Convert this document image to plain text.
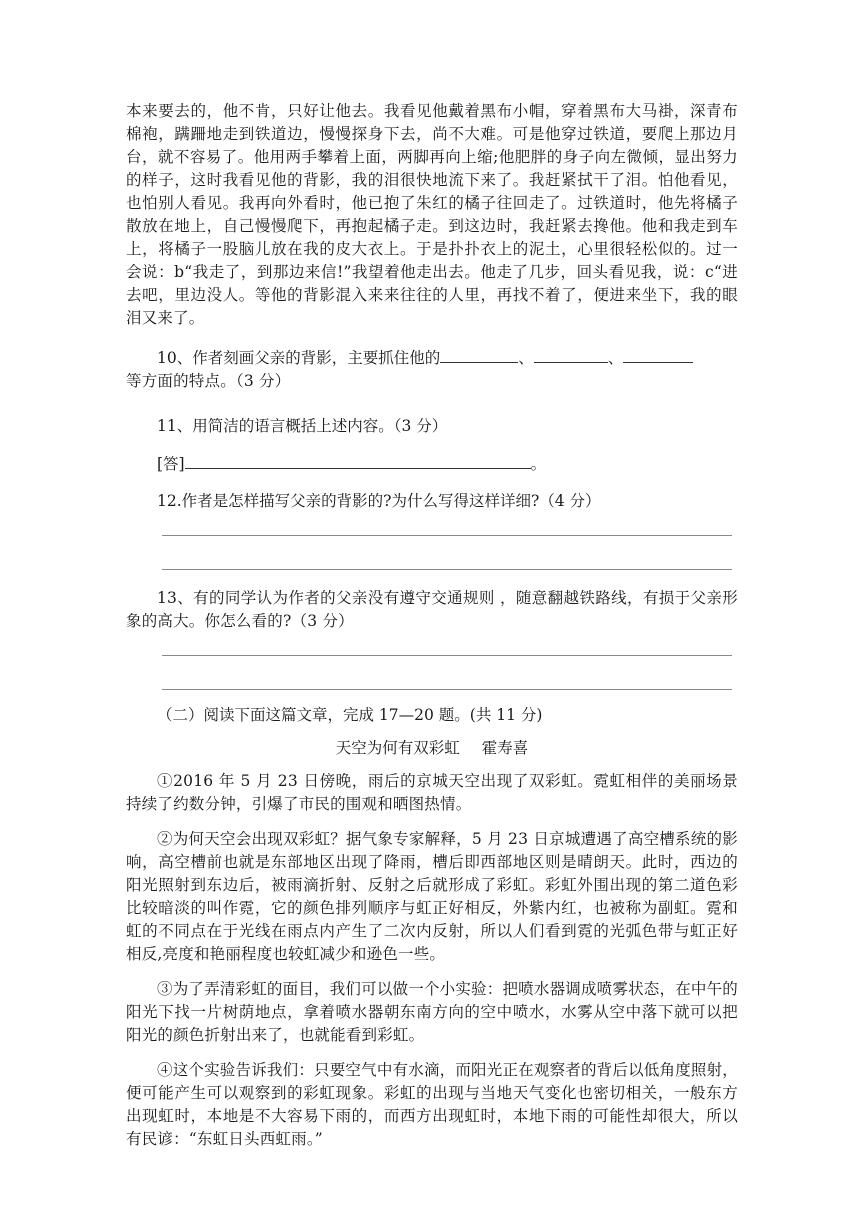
本来要去的，他不肯，只好让他去。我看见他戴着黑布小帽，穿着黑布大马褂，深青布棉袍，蹒跚地走到铁道边，慢慢探身下去，尚不大难。可是他穿过铁道，要爬上那边月台，就不容易了。他用两手攀着上面，两脚再向上缩;他肥胖的身子向左微倾，显出努力的样子，这时我看见他的背影，我的泪很快地流下来了。我赶紧拭干了泪。怕他看见，也怕别人看见。我再向外看时，他已抱了朱红的橘子往回走了。过铁道时，他先将橘子散放在地上，自己慢慢爬下，再抱起橘子走。到这边时，我赶紧去搀他。他和我走到车上，将橘子一股脑儿放在我的皮大衣上。于是扑扑衣上的泥土，心里很轻松似的。过一会说：b“我走了，到那边来信!”我望着他走出去。他走了几步，回头看见我，说：c“进去吧，里边没人。等他的背影混入来来往往的人里，再找不着了，便进来坐下，我的眼泪又来了。

10、作者刻画父亲的背影，主要抓住他的	、	、

等方面的特点。（3 分）

11、用简洁的语言概括上述内容。（3 分）

[答]	。

12.作者是怎样描写父亲的背影的?为什么写得这样详细?（4 分）

13、有的同学认为作者的父亲没有遵守交通规则 ，随意翻越铁路线，有损于父亲形象的高大。你怎么看的?（3 分）

（二）阅读下面这篇文章，完成 17—20 题。(共 11 分)

天空为何有双彩虹 霍寿喜

①2016 年 5 月 23 日傍晚，雨后的京城天空出现了双彩虹。霓虹相伴的美丽场景持续了约数分钟，引爆了市民的围观和晒图热情。

②为何天空会出现双彩虹？据气象专家解释，5 月 23 日京城遭遇了高空槽系统的影响，高空槽前也就是东部地区出现了降雨，槽后即西部地区则是晴朗天。此时，西边的阳光照射到东边后，被雨滴折射、反射之后就形成了彩虹。彩虹外围出现的第二道色彩比较暗淡的叫作霓，它的颜色排列顺序与虹正好相反，外紫内红，也被称为副虹。霓和虹的不同点在于光线在雨点内产生了二次内反射，所以人们看到霓的光弧色带与虹正好相反,亮度和艳丽程度也较虹减少和逊色一些。

③为了弄清彩虹的面目，我们可以做一个小实验：把喷水器调成喷雾状态，在中午的阳光下找一片树荫地点，拿着喷水器朝东南方向的空中喷水，水雾从空中落下就可以把阳光的颜色折射出来了，也就能看到彩虹。

④这个实验告诉我们：只要空气中有水滴，而阳光正在观察者的背后以低角度照射，便可能产生可以观察到的彩虹现象。彩虹的出现与当地天气变化也密切相关，一般东方出现虹时，本地是不大容易下雨的，而西方出现虹时，本地下雨的可能性却很大，所以有民谚：“东虹日头西虹雨。”
